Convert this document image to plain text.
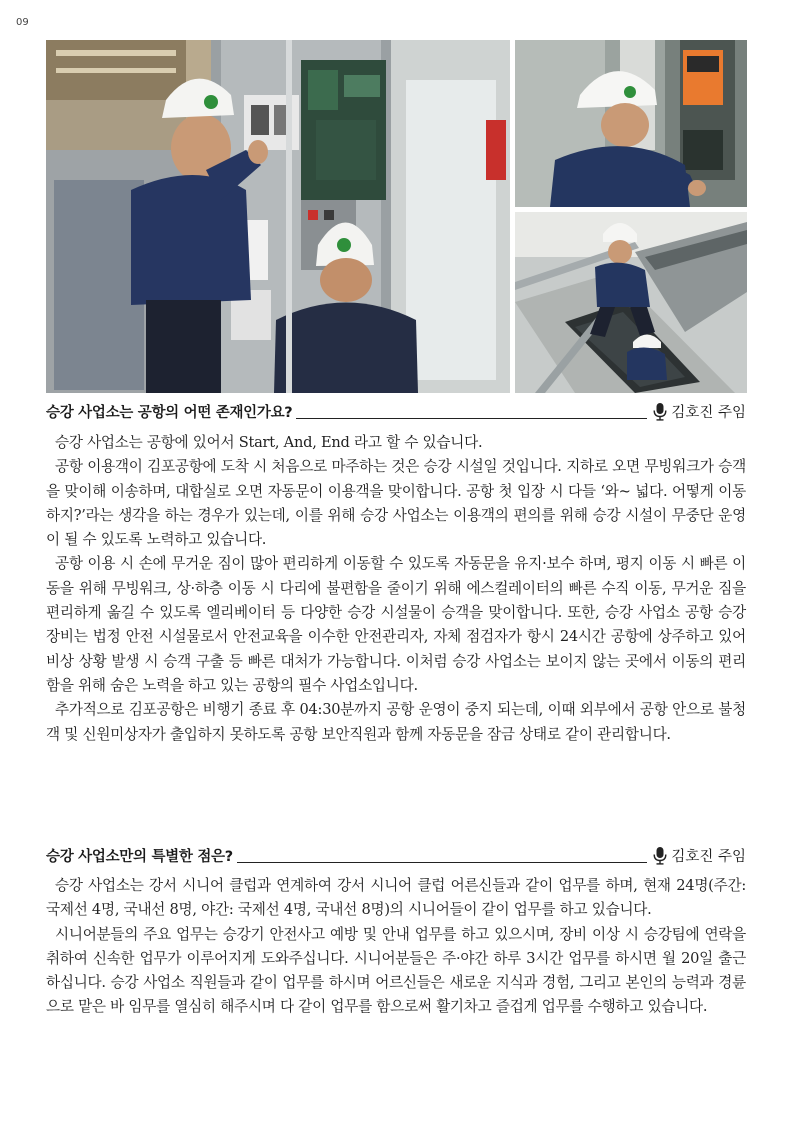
09
승강 사업소는 공항의 어떤 존재인가요?	김호진 주임

승강 사업소는 공항에 있어서 Start, And, End 라고 할 수 있습니다.

공항 이용객이 김포공항에 도착 시 처음으로 마주하는 것은 승강 시설일 것입니다. 지하로 오면 무빙워크가 승객을 맞이해 이송하며, 대합실로 오면 자동문이 이용객을 맞이합니다. 공항 첫 입장 시 다들 ‘와~ 넓다. 어떻게 이동하지?’라는 생각을 하는 경우가 있는데, 이를 위해 승강 사업소는 이용객의 편의를 위해 승강 시설이 무중단 운영이 될 수 있도록 노력하고 있습니다.

공항 이용 시 손에 무거운 짐이 많아 편리하게 이동할 수 있도록 자동문을 유지·보수 하며, 평지 이동 시 빠른 이동을 위해 무빙워크, 상·하층 이동 시 다리에 불편함을 줄이기 위해 에스컬레이터의 빠른 수직 이동, 무거운 짐을 편리하게 옮길 수 있도록 엘리베이터 등 다양한 승강 시설물이 승객을 맞이합니다. 또한, 승강 사업소 공항 승강 장비는 법정 안전 시설물로서 안전교육을 이수한 안전관리자, 자체 점검자가 항시 24시간 공항에 상주하고 있어 비상 상황 발생 시 승객 구출 등 빠른 대처가 가능합니다. 이처럼 승강 사업소는 보이지 않는 곳에서 이동의 편리함을 위해 숨은 노력을 하고 있는 공항의 필수 사업소입니다.

추가적으로 김포공항은 비행기 종료 후 04:30분까지 공항 운영이 중지 되는데, 이때 외부에서 공항 안으로 불청객 및 신원미상자가 출입하지 못하도록 공항 보안직원과 함께 자동문을 잠금 상태로 같이 관리합니다.

승강 사업소만의 특별한 점은?	김호진 주임

승강 사업소는 강서 시니어 클럽과 연계하여 강서 시니어 클럽 어른신들과 같이 업무를 하며, 현재 24명(주간: 국제선 4명, 국내선 8명, 야간: 국제선 4명, 국내선 8명)의 시니어들이 같이 업무를 하고 있습니다.

시니어분들의 주요 업무는 승강기 안전사고 예방 및 안내 업무를 하고 있으시며, 장비 이상 시 승강팀에 연락을 취하여 신속한 업무가 이루어지게 도와주십니다. 시니어분들은 주·야간 하루 3시간 업무를 하시면 월 20일 출근하십니다. 승강 사업소 직원들과 같이 업무를 하시며 어르신들은 새로운 지식과 경험, 그리고 본인의 능력과 경륜으로 맡은 바 임무를 열심히 해주시며 다 같이 업무를 함으로써 활기차고 즐겁게 업무를 수행하고 있습니다.
